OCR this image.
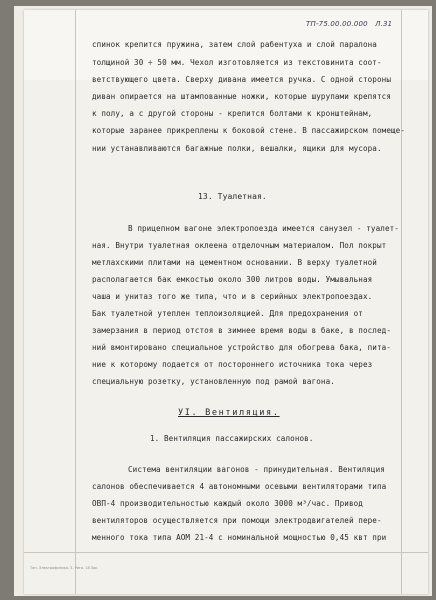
ТП-75.00.00.000 Л.31
спинок крепится пружина, затем слой рабентуха и слой паралона
толщиной 30 ÷ 50 мм. Чехол изготовляется из текстовинита соот-
ветствующего цвета. Сверху дивана имеется ручка. С одной стороны
диван опирается на штампованные ножки, которые шурупами крепятся
к полу, а с другой стороны - крепится болтами к кронштейнам,
которые заранее прикреплены к боковой стене. В пассажирском помеще-
нии устанавливаются багажные полки, вешалки, ящики для мусора.
13. Туалетная.
В прицепном вагоне электропоезда имеется санузел - туалет-
ная. Внутри туалетная оклеена отделочным материалом. Пол покрыт
метлахскими плитами на цементном основании. В верху туалетной
располагается бак емкостью около 300 литров воды. Умывальная
чаша и унитаз того же типа, что и в серийных электропоездах.
Бак туалетной утеплен теплоизоляцией. Для предохранения от
замерзания в период отстоя в зимнее время воды в баке, в послед-
ний вмонтировано специальное устройство для обогрева бака, пита-
ние к которому подается от постороннего источника тока через
специальную розетку, установленную под рамой вагона.
УI. Вентиляция.
1. Вентиляция пассажирских салонов.
Система вентиляции вагонов - принудительная. Вентиляция
салонов обеспечивается 4 автономными осевыми вентиляторами типа
ОВП-4 производительностью каждый около 3000 м³/час. Привод
вентиляторов осуществляется при помощи электродвигателей пере-
менного тока типа АОМ 21-4 с номинальной мощностью 0,45 квт при
Тип. Электрофизика. З. Рига. 18 Зак.
